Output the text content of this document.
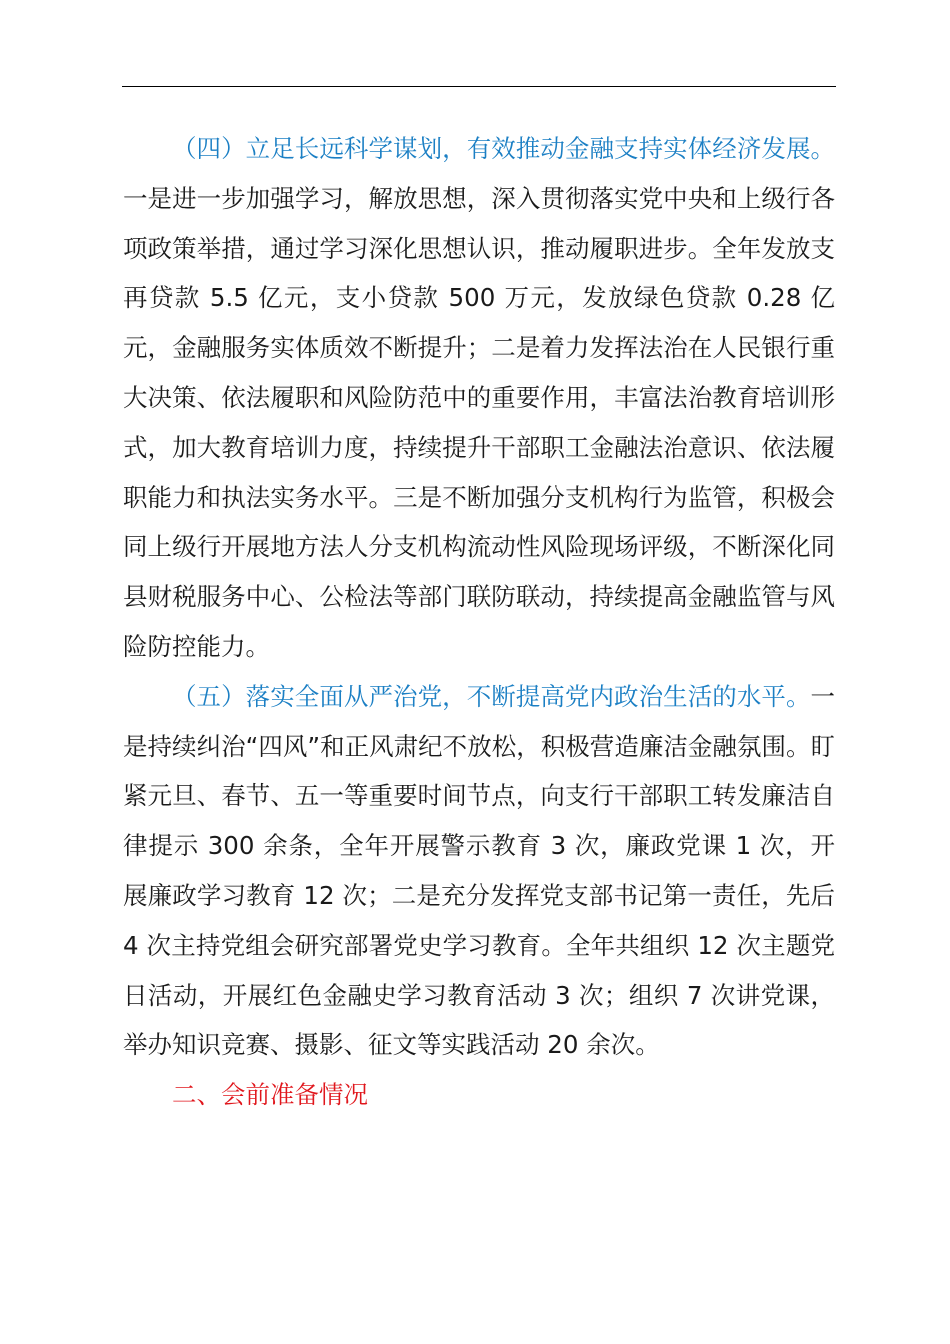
（四）立足长远科学谋划，有效推动金融支持实体经济发展。一是进一步加强学习，解放思想，深入贯彻落实党中央和上级行各项政策举措，通过学习深化思想认识，推动履职进步。全年发放支再贷款 5.5 亿元，支小贷款 500 万元，发放绿色贷款 0.28 亿元，金融服务实体质效不断提升；二是着力发挥法治在人民银行重大决策、依法履职和风险防范中的重要作用，丰富法治教育培训形式，加大教育培训力度，持续提升干部职工金融法治意识、依法履职能力和执法实务水平。三是不断加强分支机构行为监管，积极会同上级行开展地方法人分支机构流动性风险现场评级，不断深化同县财税服务中心、公检法等部门联防联动，持续提高金融监管与风险防控能力。

（五）落实全面从严治党，不断提高党内政治生活的水平。一是持续纠治“四风”和正风肃纪不放松，积极营造廉洁金融氛围。盯紧元旦、春节、五一等重要时间节点，向支行干部职工转发廉洁自律提示 300 余条，全年开展警示教育 3 次，廉政党课 1 次，开展廉政学习教育 12 次；二是充分发挥党支部书记第一责任，先后 4 次主持党组会研究部署党史学习教育。全年共组织 12 次主题党日活动，开展红色金融史学习教育活动 3 次；组织 7 次讲党课，举办知识竞赛、摄影、征文等实践活动 20 余次。

二、会前准备情况
